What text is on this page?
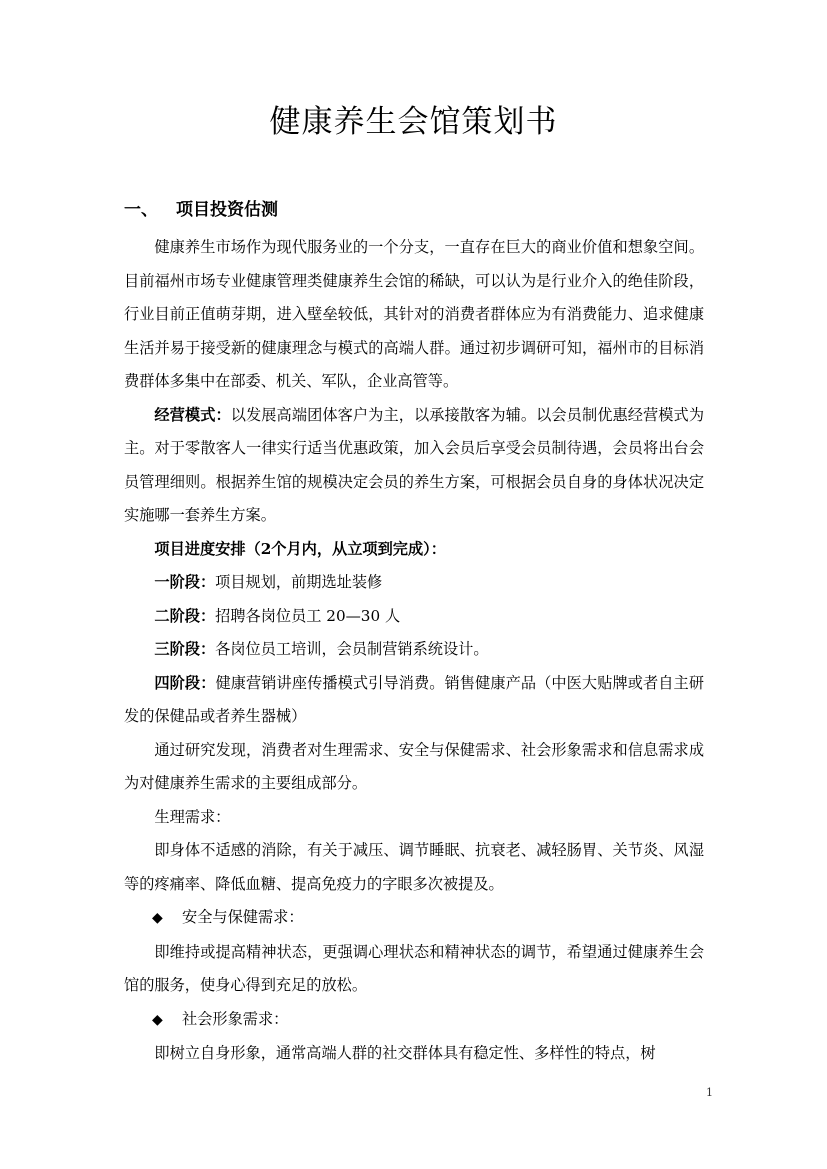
健康养生会馆策划书
一、 项目投资估测

健康养生市场作为现代服务业的一个分支，一直存在巨大的商业价值和想象空间。目前福州市场专业健康管理类健康养生会馆的稀缺，可以认为是行业介入的绝佳阶段，行业目前正值萌芽期，进入壁垒较低，其针对的消费者群体应为有消费能力、追求健康生活并易于接受新的健康理念与模式的高端人群。通过初步调研可知，福州市的目标消费群体多集中在部委、机关、军队，企业高管等。

经营模式：以发展高端团体客户为主，以承接散客为辅。以会员制优惠经营模式为主。对于零散客人一律实行适当优惠政策，加入会员后享受会员制待遇，会员将出台会员管理细则。根据养生馆的规模决定会员的养生方案，可根据会员自身的身体状况决定实施哪一套养生方案。

项目进度安排（2个月内，从立项到完成）：

一阶段：项目规划，前期选址装修

二阶段：招聘各岗位员工 20—30 人

三阶段：各岗位员工培训，会员制营销系统设计。

四阶段：健康营销讲座传播模式引导消费。销售健康产品（中医大贴牌或者自主研发的保健品或者养生器械）

通过研究发现，消费者对生理需求、安全与保健需求、社会形象需求和信息需求成为对健康养生需求的主要组成部分。

生理需求：

即身体不适感的消除，有关于减压、调节睡眠、抗衰老、减轻肠胃、关节炎、风湿等的疼痛率、降低血糖、提高免疫力的字眼多次被提及。

◆ 安全与保健需求：

即维持或提高精神状态，更强调心理状态和精神状态的调节，希望通过健康养生会馆的服务，使身心得到充足的放松。

◆ 社会形象需求：

即树立自身形象，通常高端人群的社交群体具有稳定性、多样性的特点，树

1
